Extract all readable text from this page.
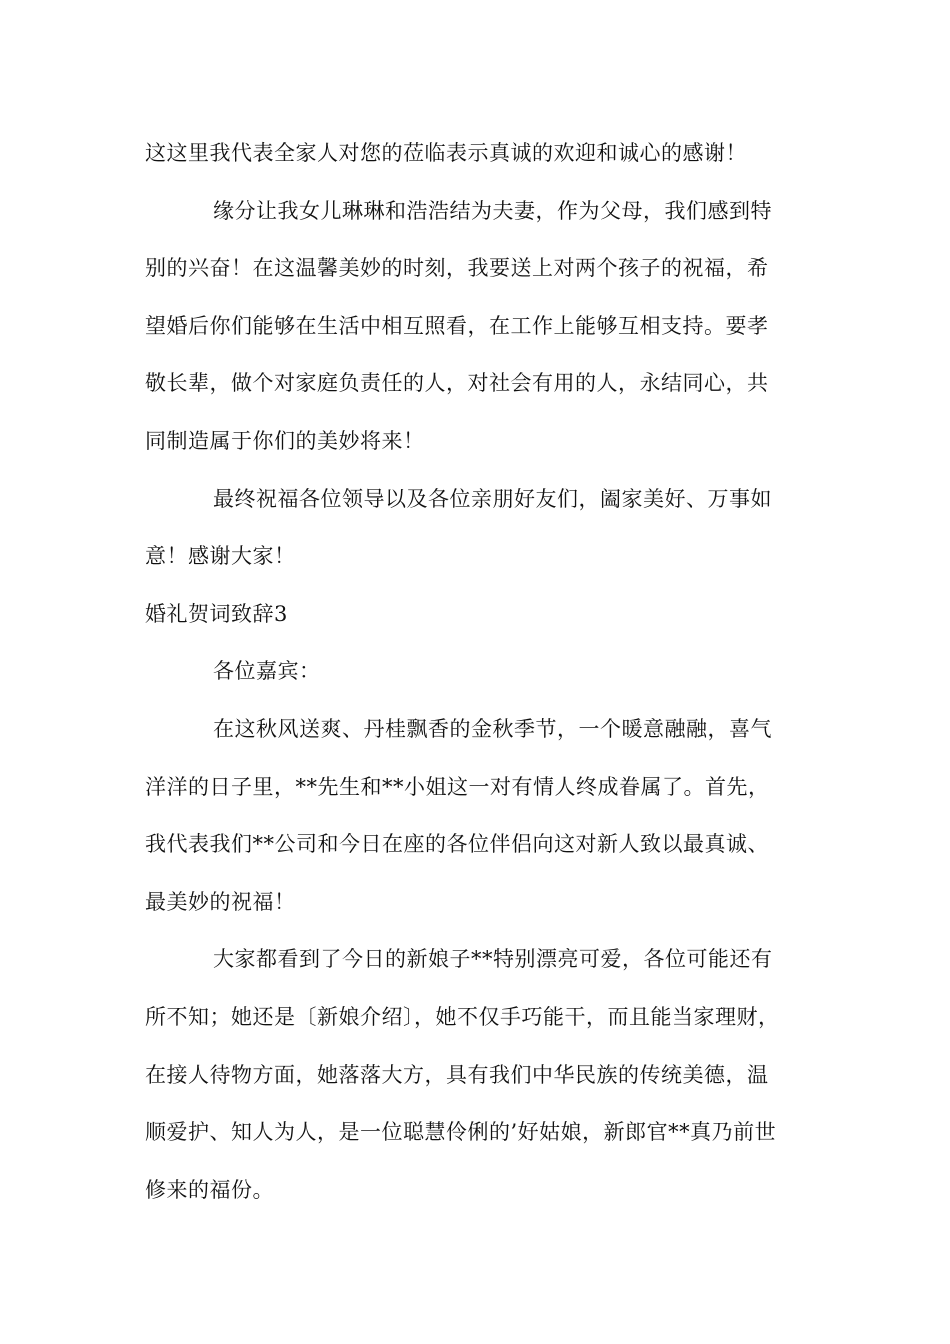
这这里我代表全家人对您的莅临表示真诚的欢迎和诚心的感谢！
缘分让我女儿琳琳和浩浩结为夫妻，作为父母，我们感到特
别的兴奋！在这温馨美妙的时刻，我要送上对两个孩子的祝福，希
望婚后你们能够在生活中相互照看，在工作上能够互相支持。要孝
敬长辈，做个对家庭负责任的人，对社会有用的人，永结同心，共
同制造属于你们的美妙将来！
最终祝福各位领导以及各位亲朋好友们，阖家美好、万事如
意！感谢大家！
婚礼贺词致辞3
各位嘉宾：
在这秋风送爽、丹桂飘香的金秋季节，一个暖意融融，喜气
洋洋的日子里，**先生和**小姐这一对有情人终成眷属了。首先，
我代表我们**公司和今日在座的各位伴侣向这对新人致以最真诚、
最美妙的祝福！
大家都看到了今日的新娘子**特别漂亮可爱，各位可能还有
所不知；她还是〔新娘介绍〕，她不仅手巧能干，而且能当家理财，
在接人待物方面，她落落大方，具有我们中华民族的传统美德，温
顺爱护、知人为人，是一位聪慧伶俐的’好姑娘，新郎官**真乃前世
修来的福份。
